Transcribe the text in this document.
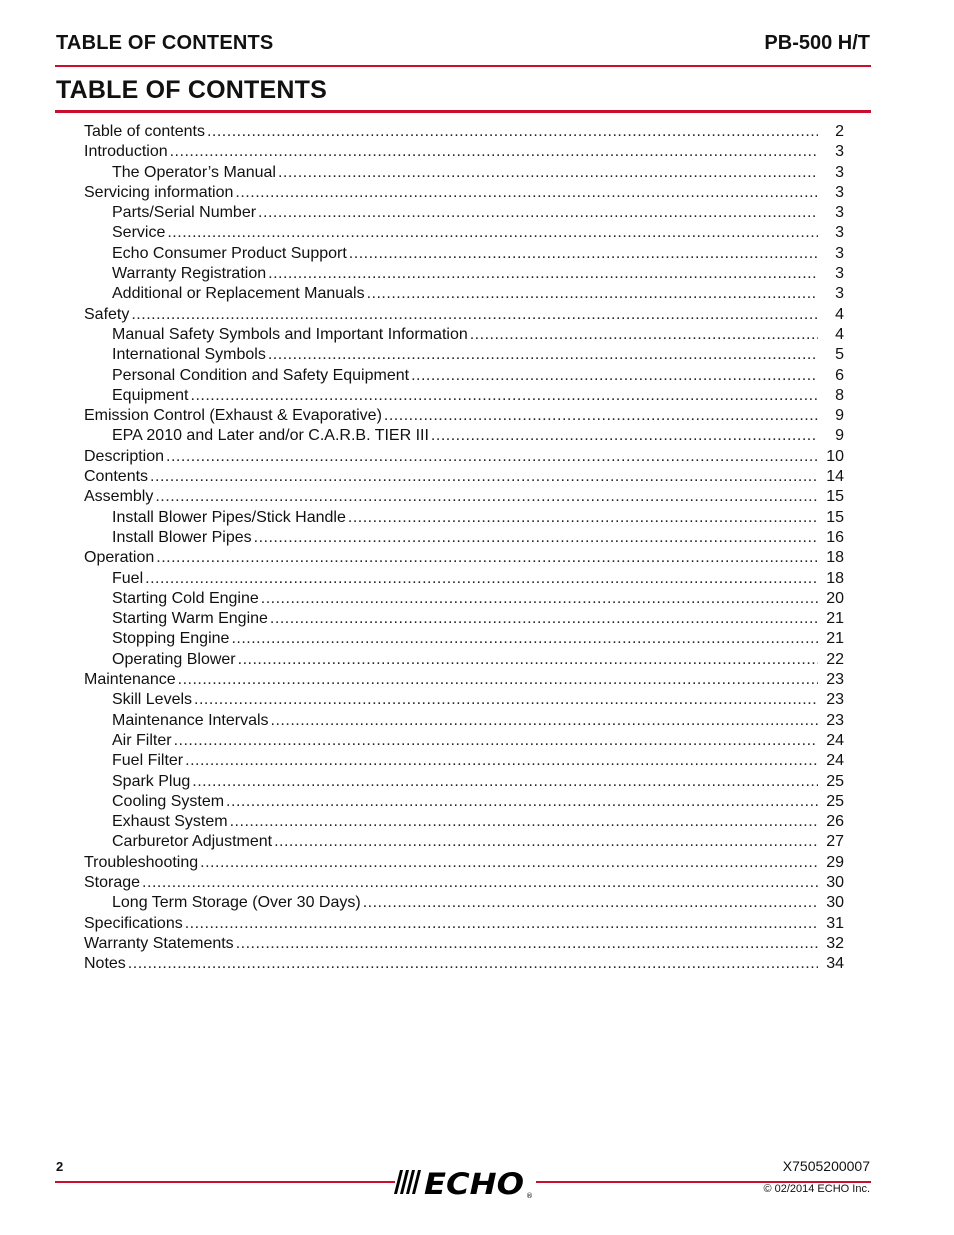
TABLE OF CONTENTS	PB-500 H/T
TABLE OF CONTENTS
Table of contents .....	2
Introduction .....	3
The Operator’s Manual .....	3
Servicing information .....	3
Parts/Serial Number .....	3
Service .....	3
Echo Consumer Product Support .....	3
Warranty Registration .....	3
Additional or Replacement Manuals .....	3
Safety .....	4
Manual Safety Symbols and Important Information .....	4
International Symbols .....	5
Personal Condition and Safety Equipment .....	6
Equipment .....	8
Emission Control (Exhaust & Evaporative) .....	9
EPA 2010 and Later and/or C.A.R.B. TIER III .....	9
Description .....	10
Contents .....	14
Assembly .....	15
Install Blower Pipes/Stick Handle .....	15
Install Blower Pipes .....	16
Operation .....	18
Fuel .....	18
Starting Cold Engine .....	20
Starting Warm Engine .....	21
Stopping Engine .....	21
Operating Blower .....	22
Maintenance .....	23
Skill Levels .....	23
Maintenance Intervals .....	23
Air Filter .....	24
Fuel Filter .....	24
Spark Plug .....	25
Cooling System .....	25
Exhaust System .....	26
Carburetor Adjustment .....	27
Troubleshooting .....	29
Storage .....	30
Long Term Storage (Over 30 Days) .....	30
Specifications .....	31
Warranty Statements .....	32
Notes .....	34
2
ECHO ®
X7505200007
© 02/2014 ECHO Inc.
